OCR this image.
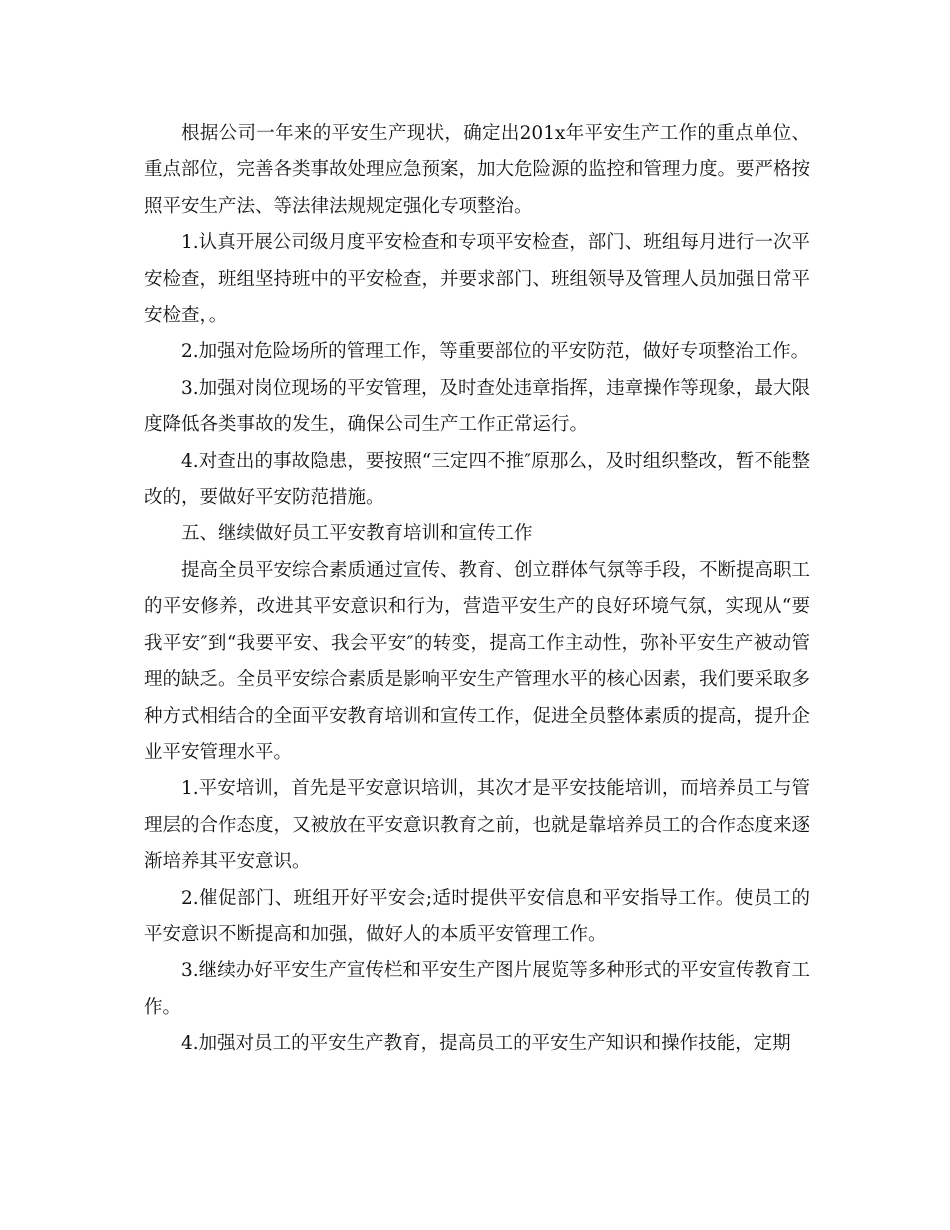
根据公司一年来的平安生产现状，确定出201x年平安生产工作的重点单位、重点部位，完善各类事故处理应急预案，加大危险源的监控和管理力度。要严格按照平安生产法、等法律法规规定强化专项整治。

1.认真开展公司级月度平安检查和专项平安检查，部门、班组每月进行一次平安检查，班组坚持班中的平安检查，并要求部门、班组领导及管理人员加强日常平安检查，。

2.加强对危险场所的管理工作，等重要部位的平安防范，做好专项整治工作。

3.加强对岗位现场的平安管理，及时查处违章指挥，违章操作等现象，最大限度降低各类事故的发生，确保公司生产工作正常运行。

4.对查出的事故隐患，要按照“三定四不推″原那么，及时组织整改，暂不能整改的，要做好平安防范措施。

五、继续做好员工平安教育培训和宣传工作

提高全员平安综合素质通过宣传、教育、创立群体气氛等手段，不断提高职工的平安修养，改进其平安意识和行为，营造平安生产的良好环境气氛，实现从“要我平安″到“我要平安、我会平安″的转变，提高工作主动性，弥补平安生产被动管理的缺乏。全员平安综合素质是影响平安生产管理水平的核心因素，我们要采取多种方式相结合的全面平安教育培训和宣传工作，促进全员整体素质的提高，提升企业平安管理水平。

1.平安培训，首先是平安意识培训，其次才是平安技能培训，而培养员工与管理层的合作态度，又被放在平安意识教育之前，也就是靠培养员工的合作态度来逐渐培养其平安意识。

2.催促部门、班组开好平安会;适时提供平安信息和平安指导工作。使员工的平安意识不断提高和加强，做好人的本质平安管理工作。

3.继续办好平安生产宣传栏和平安生产图片展览等多种形式的平安宣传教育工作。

4.加强对员工的平安生产教育，提高员工的平安生产知识和操作技能，定期
